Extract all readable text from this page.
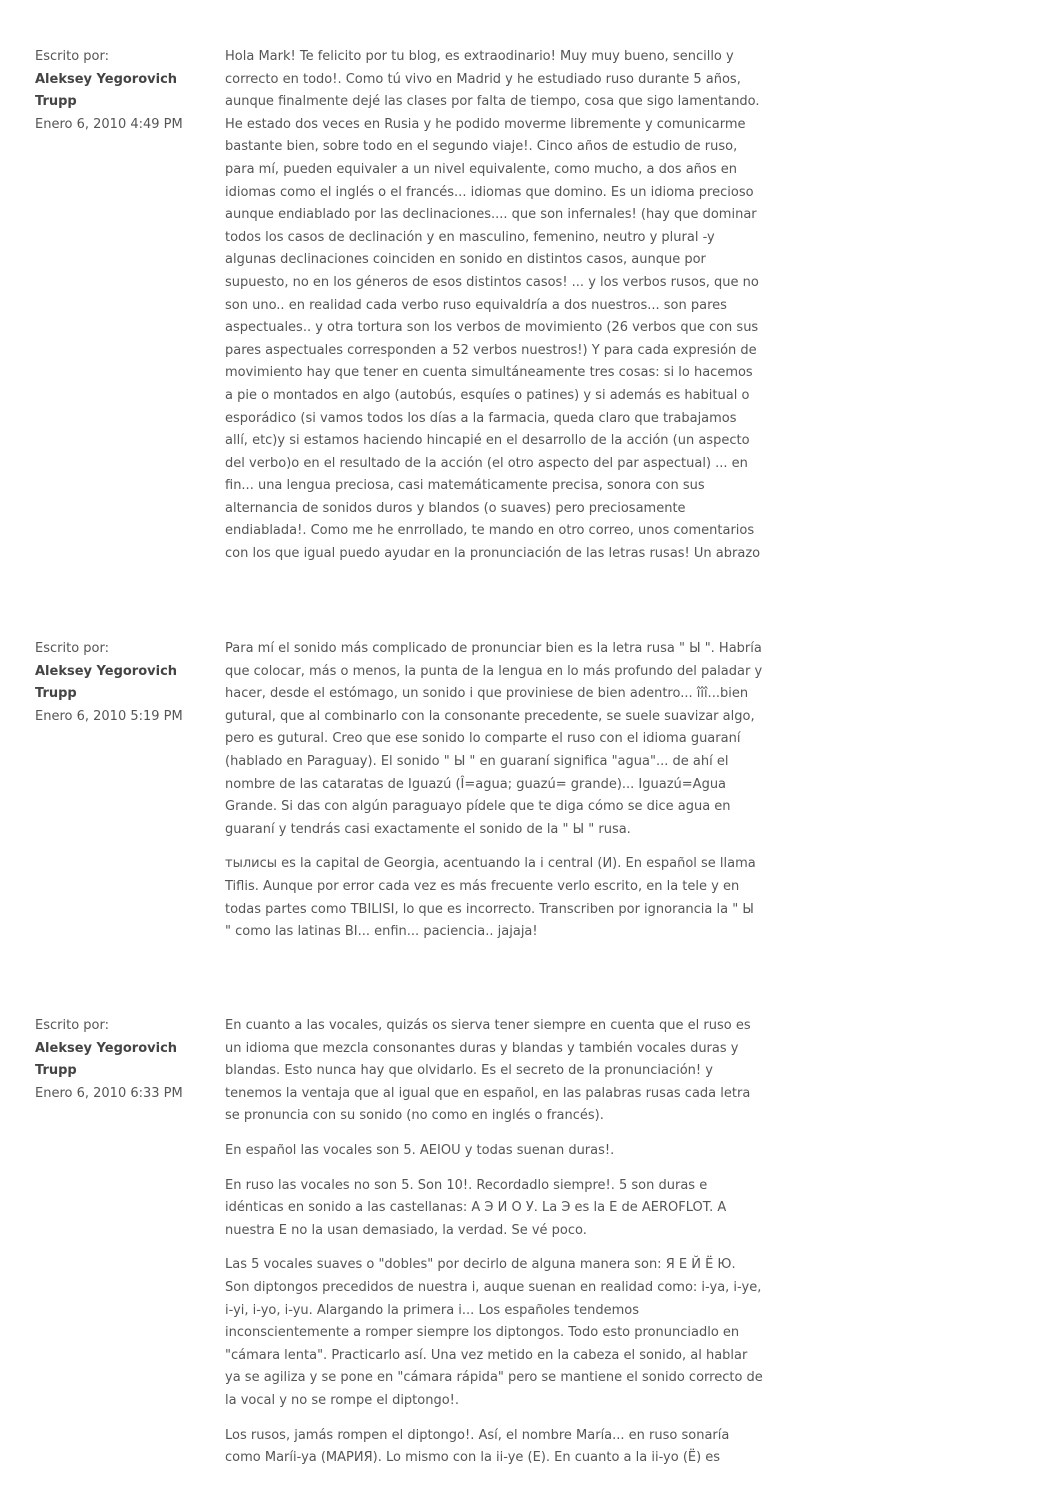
Escrito por:
Aleksey Yegorovich Trupp
Enero 6, 2010 4:49 PM

Hola Mark! Te felicito por tu blog, es extraodinario! Muy muy bueno, sencillo y correcto en todo!. Como tú vivo en Madrid y he estudiado ruso durante 5 años, aunque finalmente dejé las clases por falta de tiempo, cosa que sigo lamentando. He estado dos veces en Rusia y he podido moverme libremente y comunicarme bastante bien, sobre todo en el segundo viaje!. Cinco años de estudio de ruso, para mí, pueden equivaler a un nivel equivalente, como mucho, a dos años en idiomas como el inglés o el francés... idiomas que domino. Es un idioma precioso aunque endiablado por las declinaciones.... que son infernales! (hay que dominar todos los casos de declinación y en masculino, femenino, neutro y plural -y algunas declinaciones coinciden en sonido en distintos casos, aunque por supuesto, no en los géneros de esos distintos casos! ... y los verbos rusos, que no son uno.. en realidad cada verbo ruso equivaldría a dos nuestros... son pares aspectuales.. y otra tortura son los verbos de movimiento (26 verbos que con sus pares aspectuales corresponden a 52 verbos nuestros!) Y para cada expresión de movimiento hay que tener en cuenta simultáneamente tres cosas: si lo hacemos a pie o montados en algo (autobús, esquíes o patines) y si además es habitual o esporádico (si vamos todos los días a la farmacia, queda claro que trabajamos allí, etc)y si estamos haciendo hincapié en el desarrollo de la acción (un aspecto del verbo)o en el resultado de la acción (el otro aspecto del par aspectual) ... en fin... una lengua preciosa, casi matemáticamente precisa, sonora con sus alternancia de sonidos duros y blandos (o suaves) pero preciosamente endiablada!. Como me he enrrollado, te mando en otro correo, unos comentarios con los que igual puedo ayudar en la pronunciación de las letras rusas! Un abrazo

Escrito por:
Aleksey Yegorovich Trupp
Enero 6, 2010 5:19 PM

Para mí el sonido más complicado de pronunciar bien es la letra rusa " Ы ". Habría que colocar, más o menos, la punta de la lengua en lo más profundo del paladar y hacer, desde el estómago, un sonido i que proviniese de bien adentro... îîî...bien gutural, que al combinarlo con la consonante precedente, se suele suavizar algo, pero es gutural. Creo que ese sonido lo comparte el ruso con el idioma guaraní (hablado en Paraguay). El sonido " Ы " en guaraní significa "agua"... de ahí el nombre de las cataratas de Iguazú (Î=agua; guazú= grande)... Iguazú=Agua Grande. Si das con algún paraguayo pídele que te diga cómo se dice agua en guaraní y tendrás casi exactamente el sonido de la " Ы " rusa.

тылисы es la capital de Georgia, acentuando la i central (И). En español se llama Tiflis. Aunque por error cada vez es más frecuente verlo escrito, en la tele y en todas partes como TBILISI, lo que es incorrecto. Transcriben por ignorancia la " Ы " como las latinas BI... enfin... paciencia.. jajaja!

Escrito por:
Aleksey Yegorovich Trupp
Enero 6, 2010 6:33 PM

En cuanto a las vocales, quizás os sierva tener siempre en cuenta que el ruso es un idioma que mezcla consonantes duras y blandas y también vocales duras y blandas. Esto nunca hay que olvidarlo. Es el secreto de la pronunciación! y tenemos la ventaja que al igual que en español, en las palabras rusas cada letra se pronuncia con su sonido (no como en inglés o francés).

En español las vocales son 5. AEIOU y todas suenan duras!.

En ruso las vocales no son 5. Son 10!. Recordadlo siempre!. 5 son duras e idénticas en sonido a las castellanas: А Э И О У. La Э es la E de AEROFLOT. A nuestra E no la usan demasiado, la verdad. Se vé poco.

Las 5 vocales suaves o "dobles" por decirlo de alguna manera son: Я Е Й Ё Ю. Son diptongos precedidos de nuestra i, auque suenan en realidad como: i-ya, i-ye, i-yi, i-yo, i-yu. Alargando la primera i... Los españoles tendemos inconscientemente a romper siempre los diptongos. Todo esto pronunciadlo en "cámara lenta". Practicarlo así. Una vez metido en la cabeza el sonido, al hablar ya se agiliza y se pone en "cámara rápida" pero se mantiene el sonido correcto de la vocal y no se rompe el diptongo!.

Los rusos, jamás rompen el diptongo!. Así, el nombre María... en ruso sonaría como Maríi-ya (МАРИЯ). Lo mismo con la ii-ye (Е). En cuanto a la ii-yo (Ё) es
